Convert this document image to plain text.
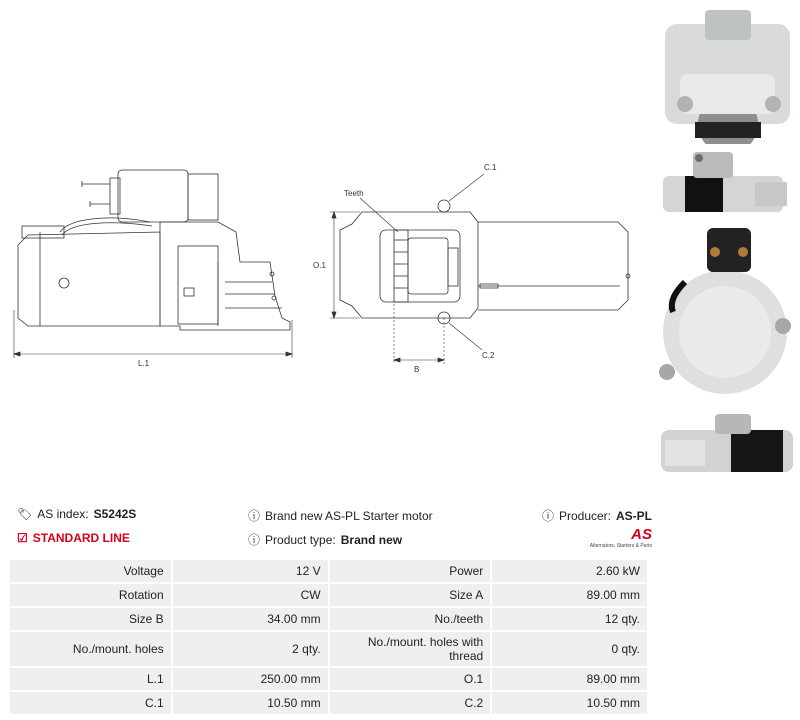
L.1
O.1
B
C.1
C.2
Teeth
🏷︎ AS index: S5242S
☑ STANDARD LINE
ⓘ Brand new AS-PL Starter motor
ⓘ Product type: Brand new
ⓘ Producer: AS-PL
AS
Alternators, Starters & Parts
Voltage	12 V	Power	2.60 kW
Rotation	CW	Size A	89.00 mm
Size B	34.00 mm	No./teeth	12 qty.
No./mount. holes	2 qty.	No./mount. holes with thread	0 qty.
L.1	250.00 mm	O.1	89.00 mm
C.1	10.50 mm	C.2	10.50 mm
